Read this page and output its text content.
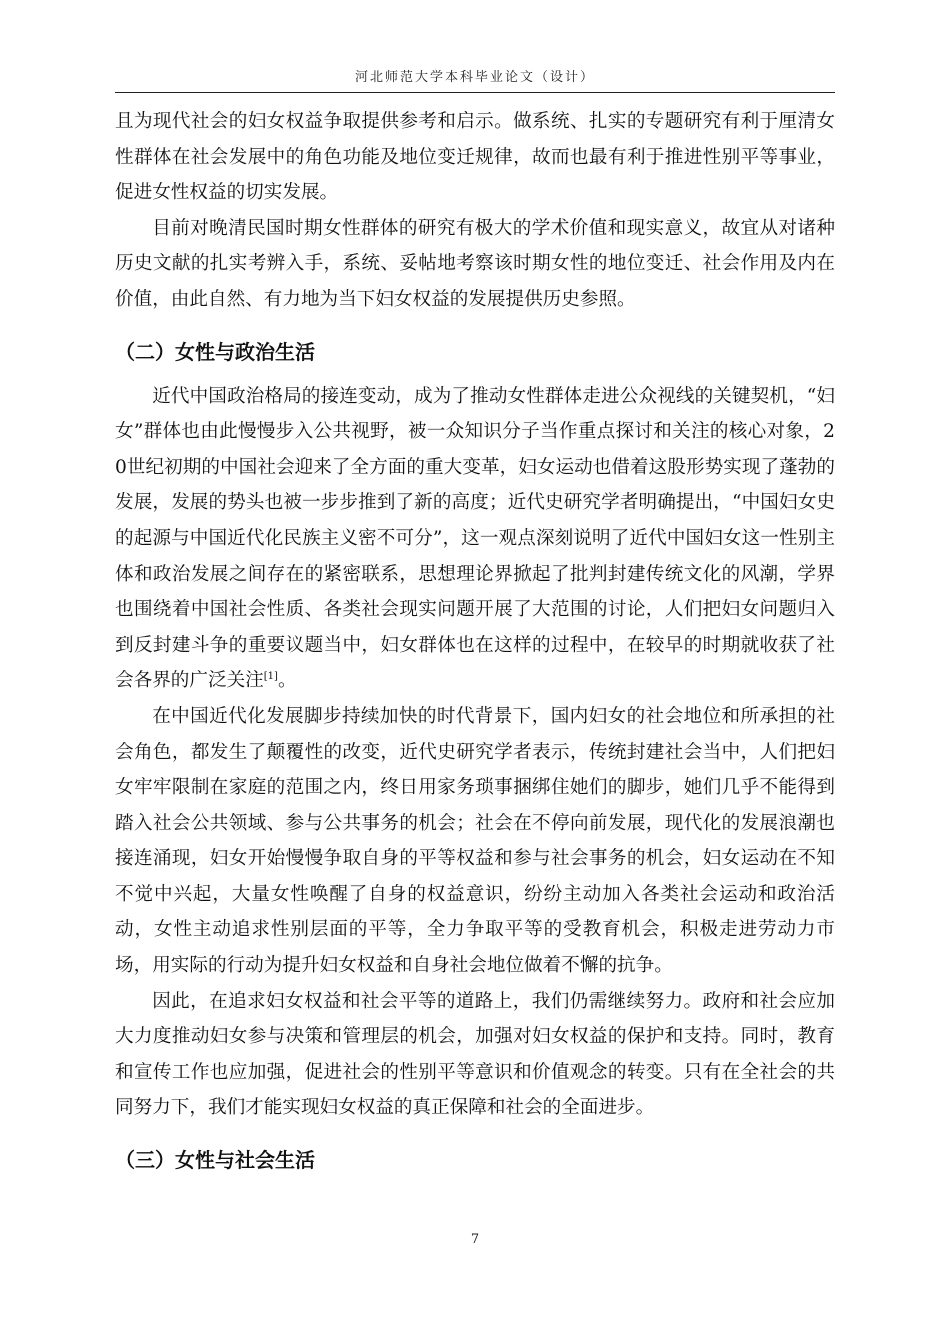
河北师范大学本科毕业论文（设计）

且为现代社会的妇女权益争取提供参考和启示。做系统、扎实的专题研究有利于厘清女性群体在社会发展中的角色功能及地位变迁规律，故而也最有利于推进性别平等事业，促进女性权益的切实发展。

目前对晚清民国时期女性群体的研究有极大的学术价值和现实意义，故宜从对诸种历史文献的扎实考辨入手，系统、妥帖地考察该时期女性的地位变迁、社会作用及内在价值，由此自然、有力地为当下妇女权益的发展提供历史参照。

（二）女性与政治生活

近代中国政治格局的接连变动，成为了推动女性群体走进公众视线的关键契机，“妇女”群体也由此慢慢步入公共视野，被一众知识分子当作重点探讨和关注的核心对象，20世纪初期的中国社会迎来了全方面的重大变革，妇女运动也借着这股形势实现了蓬勃的发展，发展的势头也被一步步推到了新的高度；近代史研究学者明确提出，“中国妇女史的起源与中国近代化民族主义密不可分”，这一观点深刻说明了近代中国妇女这一性别主体和政治发展之间存在的紧密联系，思想理论界掀起了批判封建传统文化的风潮，学界也围绕着中国社会性质、各类社会现实问题开展了大范围的讨论，人们把妇女问题归入到反封建斗争的重要议题当中，妇女群体也在这样的过程中，在较早的时期就收获了社会各界的广泛关注[1]。

在中国近代化发展脚步持续加快的时代背景下，国内妇女的社会地位和所承担的社会角色，都发生了颠覆性的改变，近代史研究学者表示，传统封建社会当中，人们把妇女牢牢限制在家庭的范围之内，终日用家务琐事捆绑住她们的脚步，她们几乎不能得到踏入社会公共领域、参与公共事务的机会；社会在不停向前发展，现代化的发展浪潮也接连涌现，妇女开始慢慢争取自身的平等权益和参与社会事务的机会，妇女运动在不知不觉中兴起，大量女性唤醒了自身的权益意识，纷纷主动加入各类社会运动和政治活动，女性主动追求性别层面的平等，全力争取平等的受教育机会，积极走进劳动力市场，用实际的行动为提升妇女权益和自身社会地位做着不懈的抗争。

因此，在追求妇女权益和社会平等的道路上，我们仍需继续努力。政府和社会应加大力度推动妇女参与决策和管理层的机会，加强对妇女权益的保护和支持。同时，教育和宣传工作也应加强，促进社会的性别平等意识和价值观念的转变。只有在全社会的共同努力下，我们才能实现妇女权益的真正保障和社会的全面进步。

（三）女性与社会生活
7
